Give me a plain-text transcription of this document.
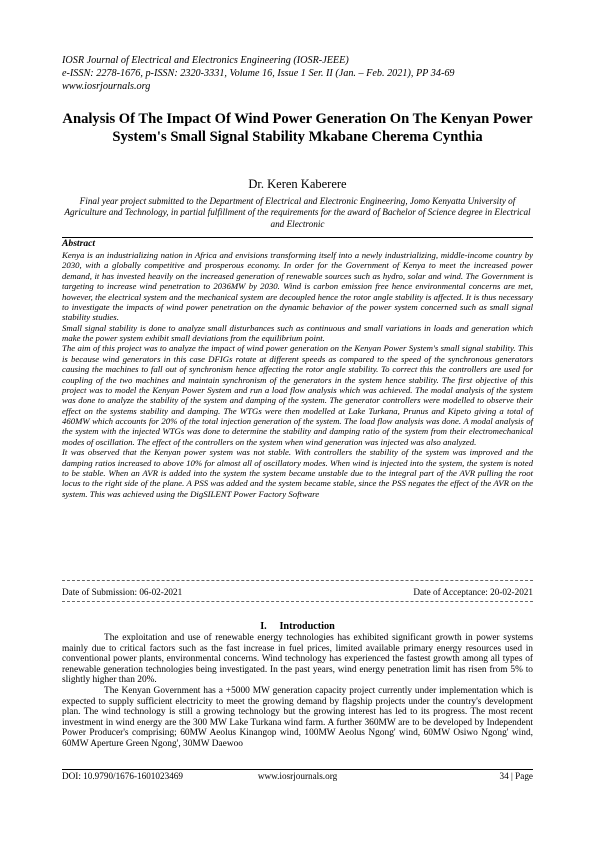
IOSR Journal of Electrical and Electronics Engineering (IOSR-JEEE)
e-ISSN: 2278-1676, p-ISSN: 2320-3331, Volume 16, Issue 1 Ser. II (Jan. – Feb. 2021), PP 34-69
www.iosrjournals.org
Analysis Of The Impact Of Wind Power Generation On The Kenyan Power System's Small Signal Stability Mkabane Cherema Cynthia
Dr. Keren Kaberere
Final year project submitted to the Department of Electrical and Electronic Engineering, Jomo Kenyatta University of Agriculture and Technology, in partial fulfillment of the requirements for the award of Bachelor of Science degree in Electrical and Electronic
Abstract

Kenya is an industrializing nation in Africa and envisions transforming itself into a newly industrializing, middle-income country by 2030, with a globally competitive and prosperous economy. In order for the Government of Kenya to meet the increased power demand, it has invested heavily on the increased generation of renewable sources such as hydro, solar and wind. The Government is targeting to increase wind penetration to 2036MW by 2030. Wind is carbon emission free hence environmental concerns are met, however, the electrical system and the mechanical system are decoupled hence the rotor angle stability is affected. It is thus necessary to investigate the impacts of wind power penetration on the dynamic behavior of the power system concerned such as small signal stability studies.

Small signal stability is done to analyze small disturbances such as continuous and small variations in loads and generation which make the power system exhibit small deviations from the equilibrium point.

The aim of this project was to analyze the impact of wind power generation on the Kenyan Power System's small signal stability. This is because wind generators in this case DFIGs rotate at different speeds as compared to the speed of the synchronous generators causing the machines to fall out of synchronism hence affecting the rotor angle stability. To correct this the controllers are used for coupling of the two machines and maintain synchronism of the generators in the system hence stability. The first objective of this project was to model the Kenyan Power System and run a load flow analysis which was achieved. The modal analysis of the system was done to analyze the stability of the system and damping of the system. The generator controllers were modelled to observe their effect on the systems stability and damping. The WTGs were then modelled at Lake Turkana, Prunus and Kipeto giving a total of 460MW which accounts for 20% of the total injection generation of the system. The load flow analysis was done. A modal analysis of the system with the injected WTGs was done to determine the stability and damping ratio of the system from their electromechanical modes of oscillation. The effect of the controllers on the system when wind generation was injected was also analyzed.

It was observed that the Kenyan power system was not stable. With controllers the stability of the system was improved and the damping ratios increased to above 10% for almost all of oscillatory modes. When wind is injected into the system, the system is noted to be stable. When an AVR is added into the system the system became unstable due to the integral part of the AVR pulling the root locus to the right side of the plane. A PSS was added and the system became stable, since the PSS negates the effect of the AVR on the system. This was achieved using the DigSILENT Power Factory Software

Date of Submission: 06-02-2021	Date of Acceptance: 20-02-2021
I. Introduction

The exploitation and use of renewable energy technologies has exhibited significant growth in power systems mainly due to critical factors such as the fast increase in fuel prices, limited available primary energy resources used in conventional power plants, environmental concerns. Wind technology has experienced the fastest growth among all types of renewable generation technologies being investigated. In the past years, wind energy penetration limit has risen from 5% to slightly higher than 20%.

The Kenyan Government has a +5000 MW generation capacity project currently under implementation which is expected to supply sufficient electricity to meet the growing demand by flagship projects under the country's development plan. The wind technology is still a growing technology but the growing interest has led to its progress. The most recent investment in wind energy are the 300 MW Lake Turkana wind farm. A further 360MW are to be developed by Independent Power Producer's comprising; 60MW Aeolus Kinangop wind, 100MW Aeolus Ngong' wind, 60MW Osiwo Ngong' wind, 60MW Aperture Green Ngong', 30MW Daewoo

DOI: 10.9790/1676-1601023469	www.iosrjournals.org	34 | Page
